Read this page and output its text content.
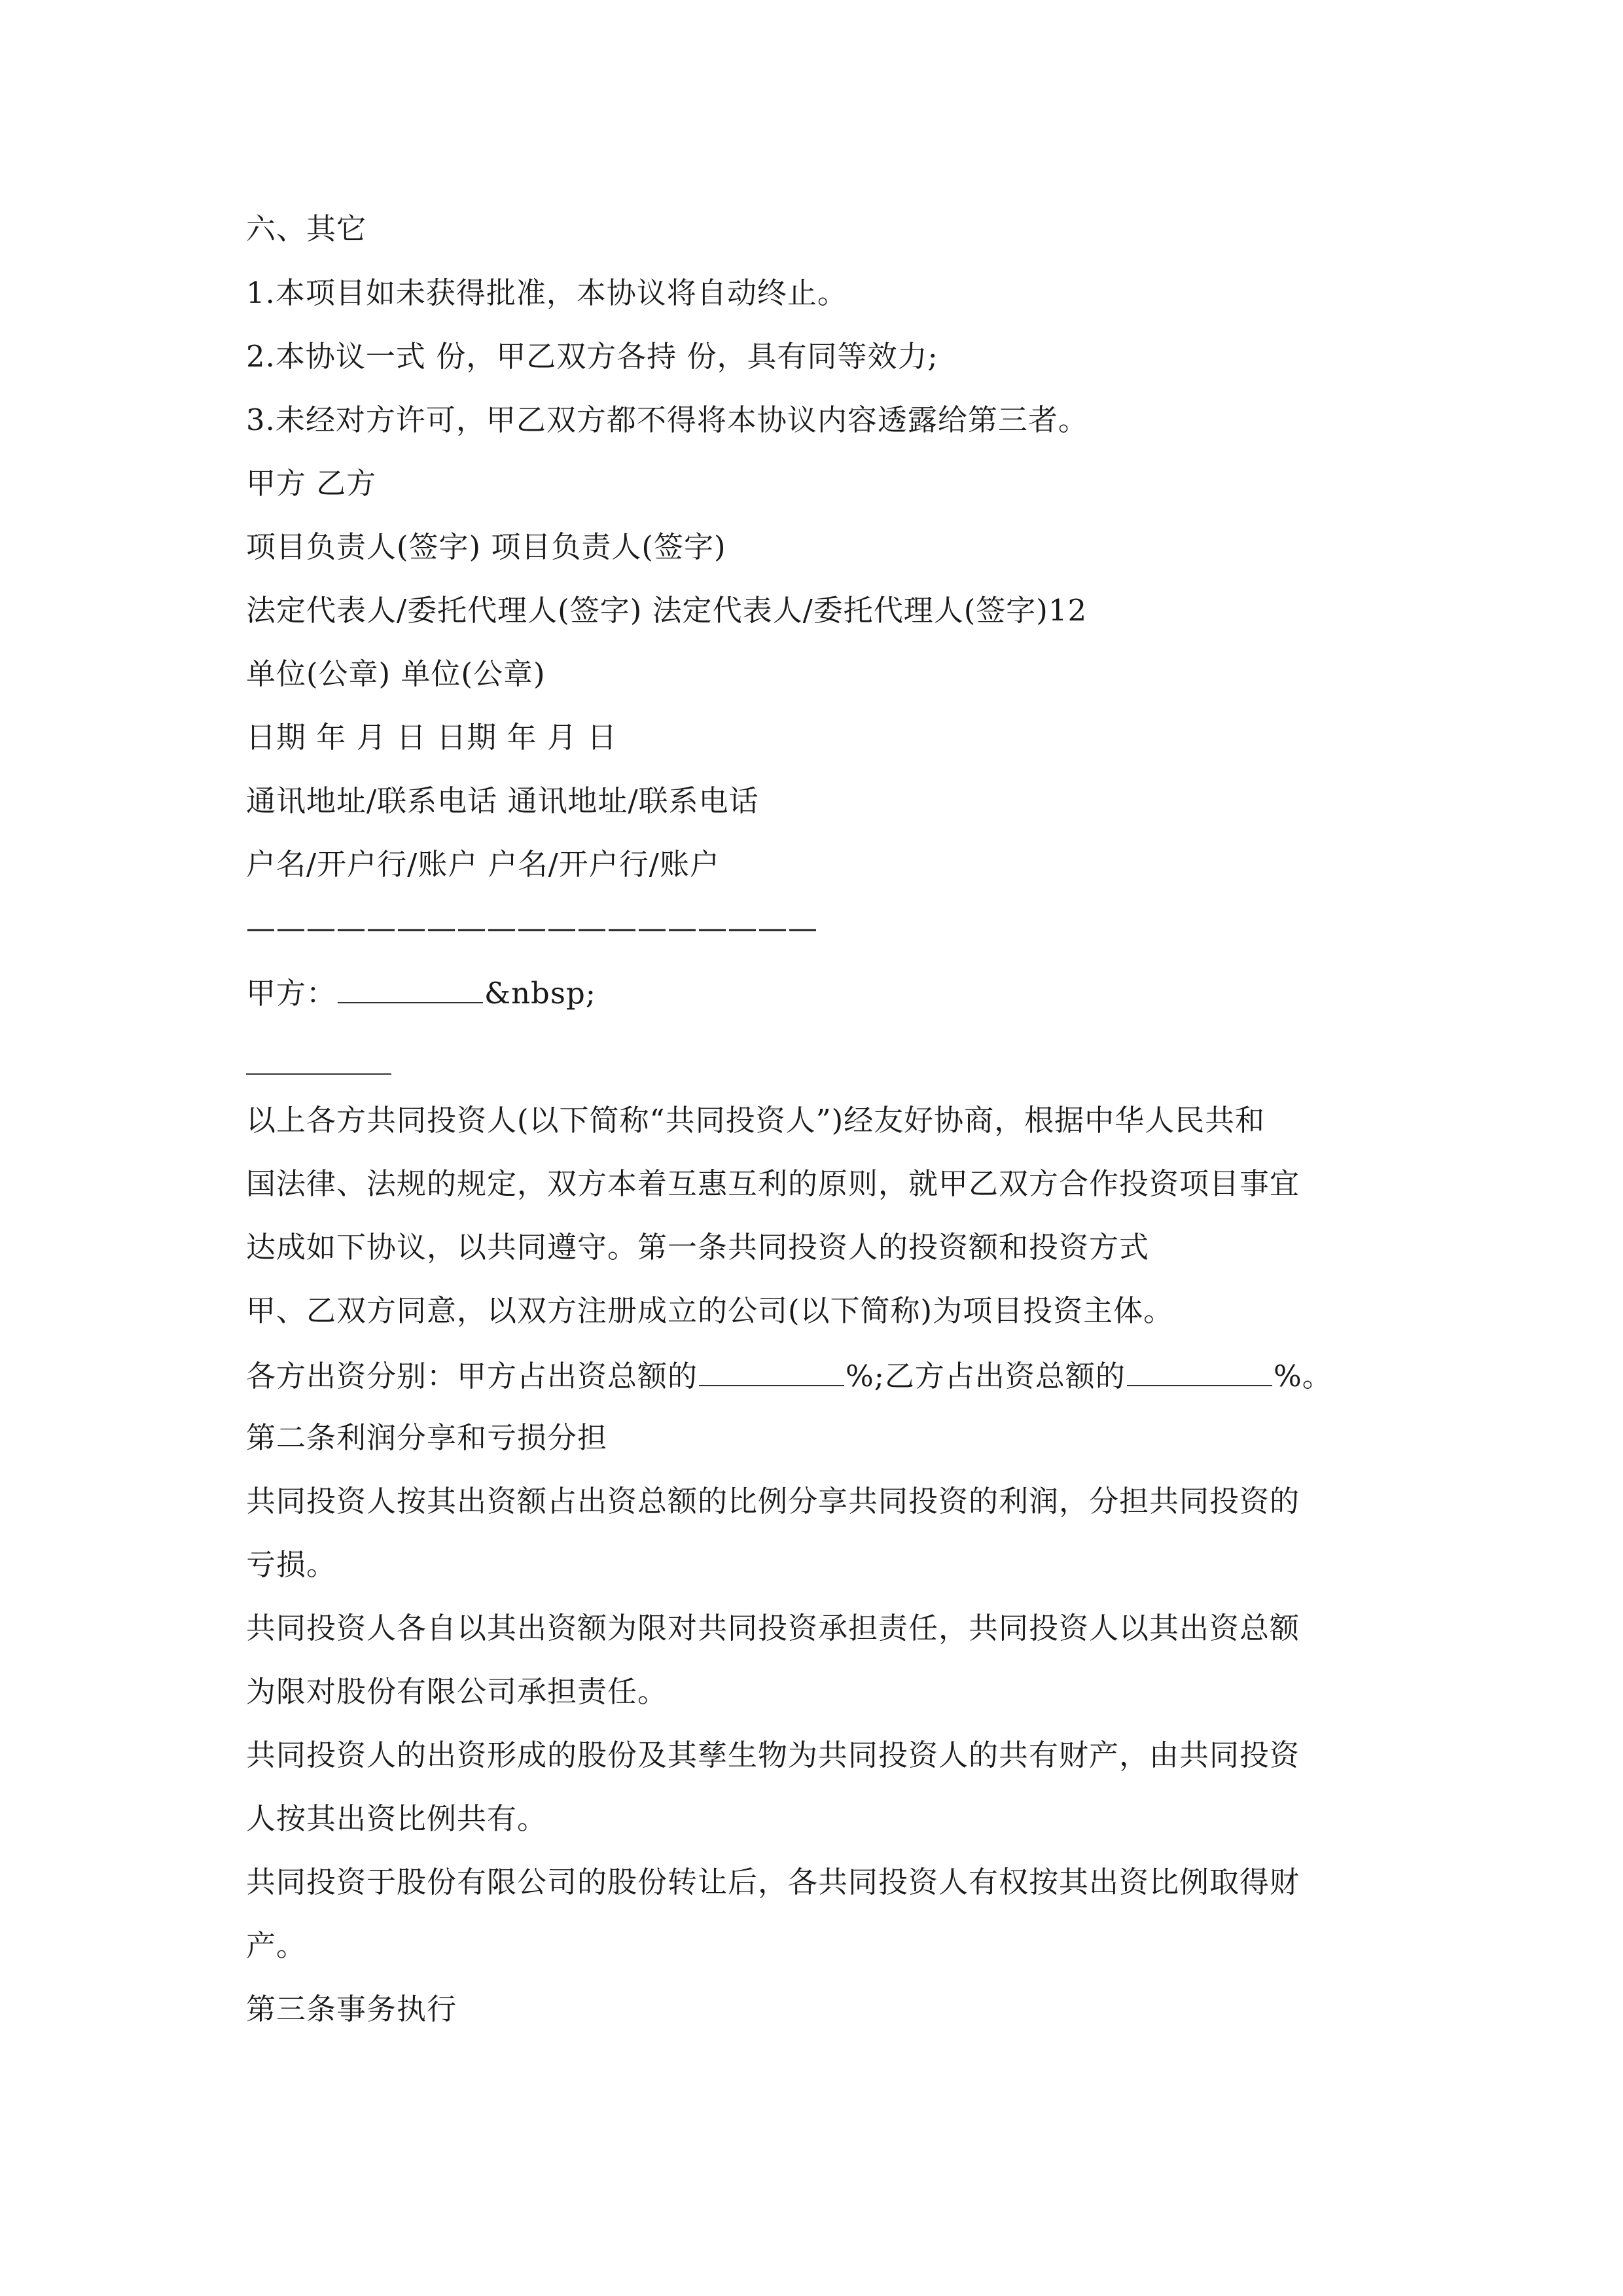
六、其它
1.本项目如未获得批准，本协议将自动终止。
2.本协议一式 份，甲乙双方各持 份，具有同等效力;
3.未经对方许可，甲乙双方都不得将本协议内容透露给第三者。
甲方 乙方
项目负责人(签字) 项目负责人(签字)
法定代表人/委托代理人(签字) 法定代表人/委托代理人(签字)12
单位(公章) 单位(公章)
日期 年 月 日 日期 年 月 日
通讯地址/联系电话 通讯地址/联系电话
户名/开户行/账户 户名/开户行/账户
———————————————————
甲方：	&nbsp;
以上各方共同投资人(以下简称“共同投资人”)经友好协商，根据中华人民共和
国法律、法规的规定，双方本着互惠互利的原则，就甲乙双方合作投资项目事宜
达成如下协议，以共同遵守。第一条共同投资人的投资额和投资方式
甲、乙双方同意，以双方注册成立的公司(以下简称)为项目投资主体。
各方出资分别：甲方占出资总额的	%;乙方占出资总额的	%。
第二条利润分享和亏损分担
共同投资人按其出资额占出资总额的比例分享共同投资的利润，分担共同投资的
亏损。
共同投资人各自以其出资额为限对共同投资承担责任，共同投资人以其出资总额
为限对股份有限公司承担责任。
共同投资人的出资形成的股份及其孳生物为共同投资人的共有财产，由共同投资
人按其出资比例共有。
共同投资于股份有限公司的股份转让后，各共同投资人有权按其出资比例取得财
产。
第三条事务执行
